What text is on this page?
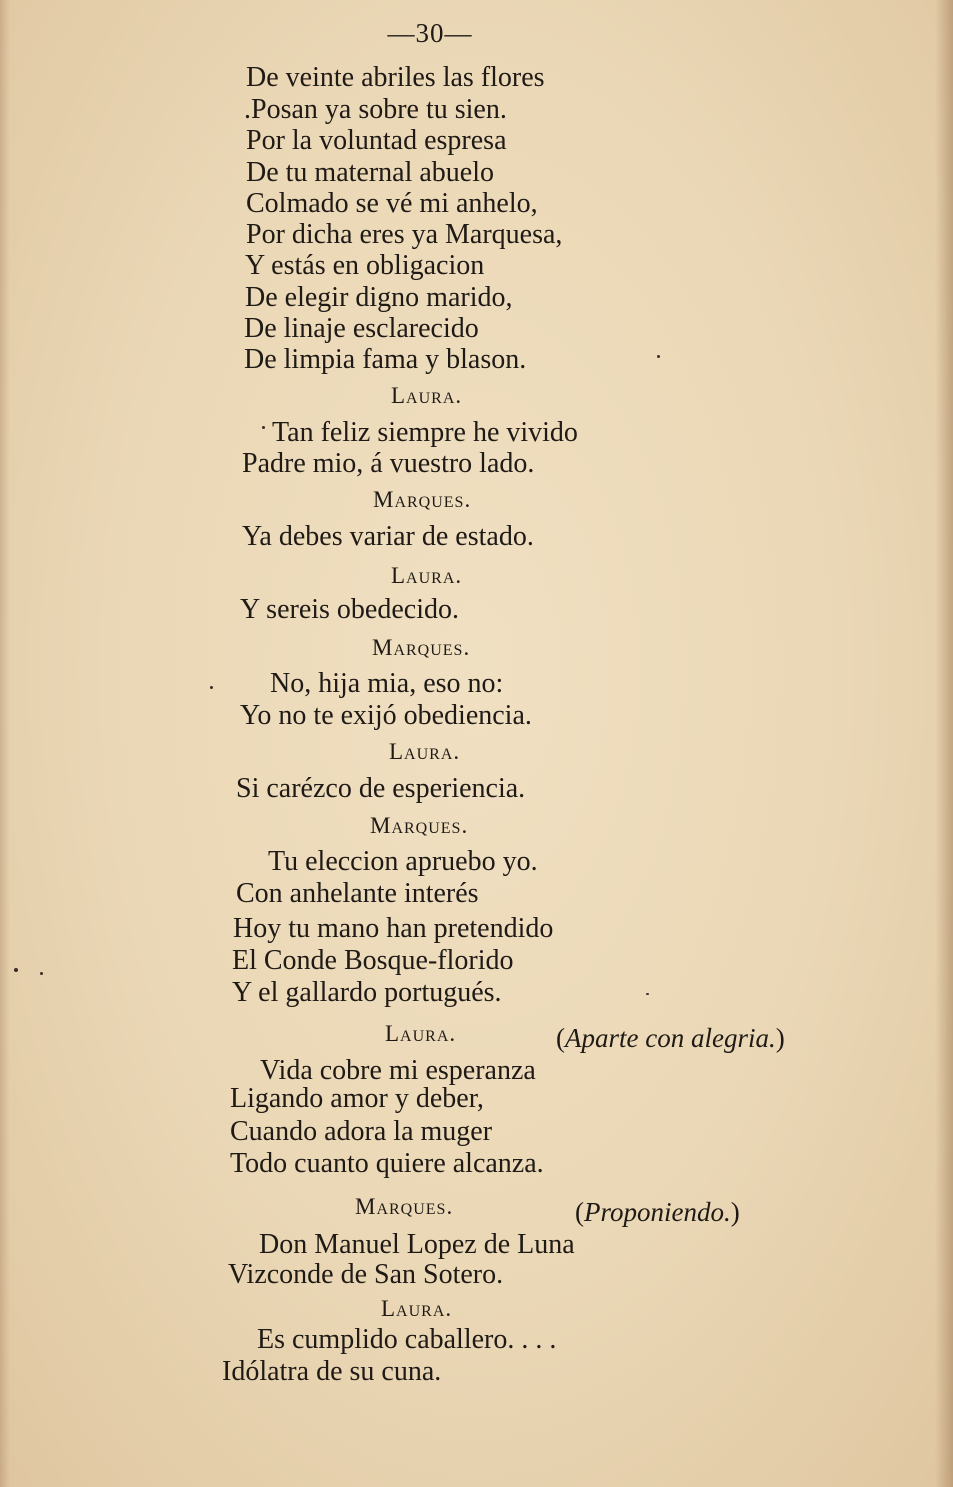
—30—
De veinte abriles las flores
.Posan ya sobre tu sien.
Por la voluntad espresa
De tu maternal abuelo
Colmado se vé mi anhelo,
Por dicha eres ya Marquesa,
Y estás en obligacion
De elegir digno marido,
De linaje esclarecido
De limpia fama y blason.
Laura.
Tan feliz siempre he vivido
Padre mio, á vuestro lado.
Marques.
Ya debes variar de estado.
Laura.
Y sereis obedecido.
Marques.
No, hija mia, eso no:
Yo no te exijó obediencia.
Laura.
Si carézco de esperiencia.
Marques.
Tu eleccion apruebo yo.
Con anhelante interés
Hoy tu mano han pretendido
El Conde Bosque-florido
Y el gallardo portugués.
Laura.	(Aparte con alegria.)
Vida cobre mi esperanza
Ligando amor y deber,
Cuando adora la muger
Todo cuanto quiere alcanza.
Marques.	(Proponiendo.)
Don Manuel Lopez de Luna
Vizconde de San Sotero.
Laura.
Es cumplido caballero. . . .
Idólatra de su cuna.
